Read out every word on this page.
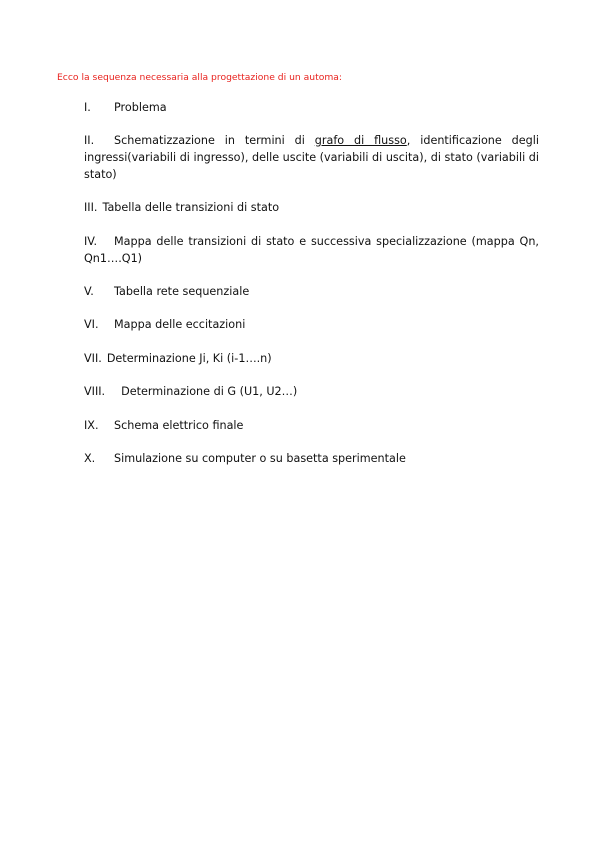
Ecco la sequenza necessaria alla progettazione di un automa:
I. Problema
II. Schematizzazione in termini di grafo di flusso, identificazione degli ingressi(variabili di ingresso), delle uscite (variabili di uscita), di stato (variabili di stato)
III. Tabella delle transizioni di stato
IV. Mappa delle transizioni di stato e successiva specializzazione (mappa Qn, Qn1….Q1)
V. Tabella rete sequenziale
VI. Mappa delle eccitazioni
VII. Determinazione Ji, Ki (i-1….n)
VIII. Determinazione di G (U1, U2…)
IX. Schema elettrico finale
X. Simulazione su computer o su basetta sperimentale
